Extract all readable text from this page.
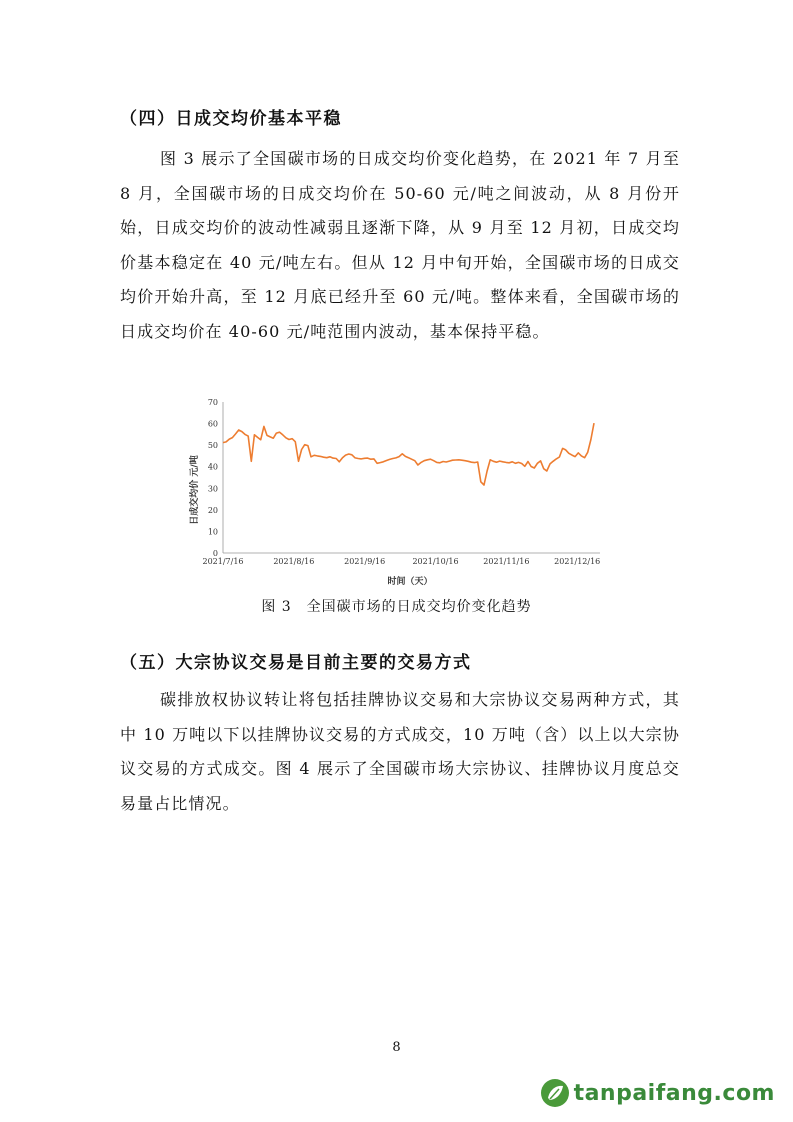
（四）日成交均价基本平稳

图 3 展示了全国碳市场的日成交均价变化趋势，在 2021 年 7 月至 8 月，全国碳市场的日成交均价在 50-60 元/吨之间波动，从 8 月份开始，日成交均价的波动性减弱且逐渐下降，从 9 月至 12 月初，日成交均价基本稳定在 40 元/吨左右。但从 12 月中旬开始，全国碳市场的日成交均价开始升高，至 12 月底已经升至 60 元/吨。整体来看，全国碳市场的日成交均价在 40-60 元/吨范围内波动，基本保持平稳。

0
10
20
30
40
50
60
70
2021/7/16	2021/8/16	2021/9/16	2021/10/16	2021/11/16	2021/12/16
日成交均价 元/吨
时间（天）
图 3　全国碳市场的日成交均价变化趋势
（五）大宗协议交易是目前主要的交易方式

碳排放权协议转让将包括挂牌协议交易和大宗协议交易两种方式，其中 10 万吨以下以挂牌协议交易的方式成交，10 万吨（含）以上以大宗协议交易的方式成交。图 4 展示了全国碳市场大宗协议、挂牌协议月度总交易量占比情况。

8
tanpaifang.com
